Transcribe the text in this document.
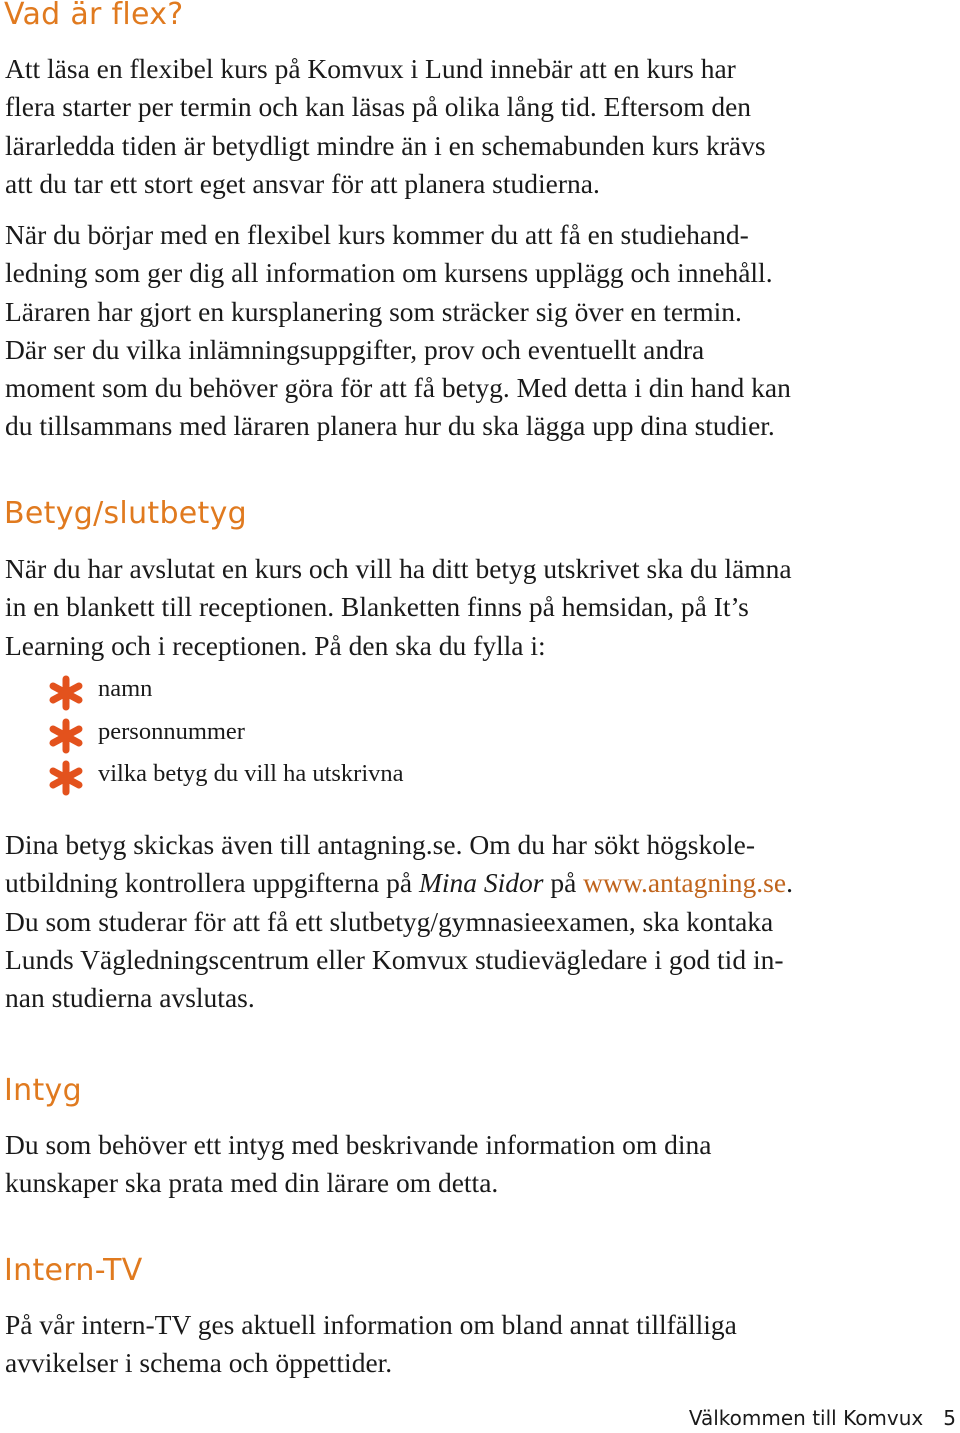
Vad är flex?
Att läsa en flexibel kurs på Komvux i Lund innebär att en kurs har
flera starter per termin och kan läsas på olika lång tid. Eftersom den
lärarledda tiden är betydligt mindre än i en schemabunden kurs krävs
att du tar ett stort eget ansvar för att planera studierna.
När du börjar med en flexibel kurs kommer du att få en studiehand-
ledning som ger dig all information om kursens upplägg och innehåll.
Läraren har gjort en kursplanering som sträcker sig över en termin.
Där ser du vilka inlämningsuppgifter, prov och eventuellt andra
moment som du behöver göra för att få betyg. Med detta i din hand kan
du tillsammans med läraren planera hur du ska lägga upp dina studier.
Betyg/slutbetyg
När du har avslutat en kurs och vill ha ditt betyg utskrivet ska du lämna
in en blankett till receptionen. Blanketten finns på hemsidan, på It’s
Learning och i receptionen. På den ska du fylla i:
namn
personnummer
vilka betyg du vill ha utskrivna
Dina betyg skickas även till antagning.se. Om du har sökt högskole-
utbildning kontrollera uppgifterna på Mina Sidor på www.antagning.se.
Du som studerar för att få ett slutbetyg/gymnasieexamen, ska kontaka
Lunds Vägledningscentrum eller Komvux studievägledare i god tid in-
nan studierna avslutas.
Intyg
Du som behöver ett intyg med beskrivande information om dina
kunskaper ska prata med din lärare om detta.
Intern-TV
På vår intern-TV ges aktuell information om bland annat tillfälliga
avvikelser i schema och öppettider.
Välkommen till Komvux 5
